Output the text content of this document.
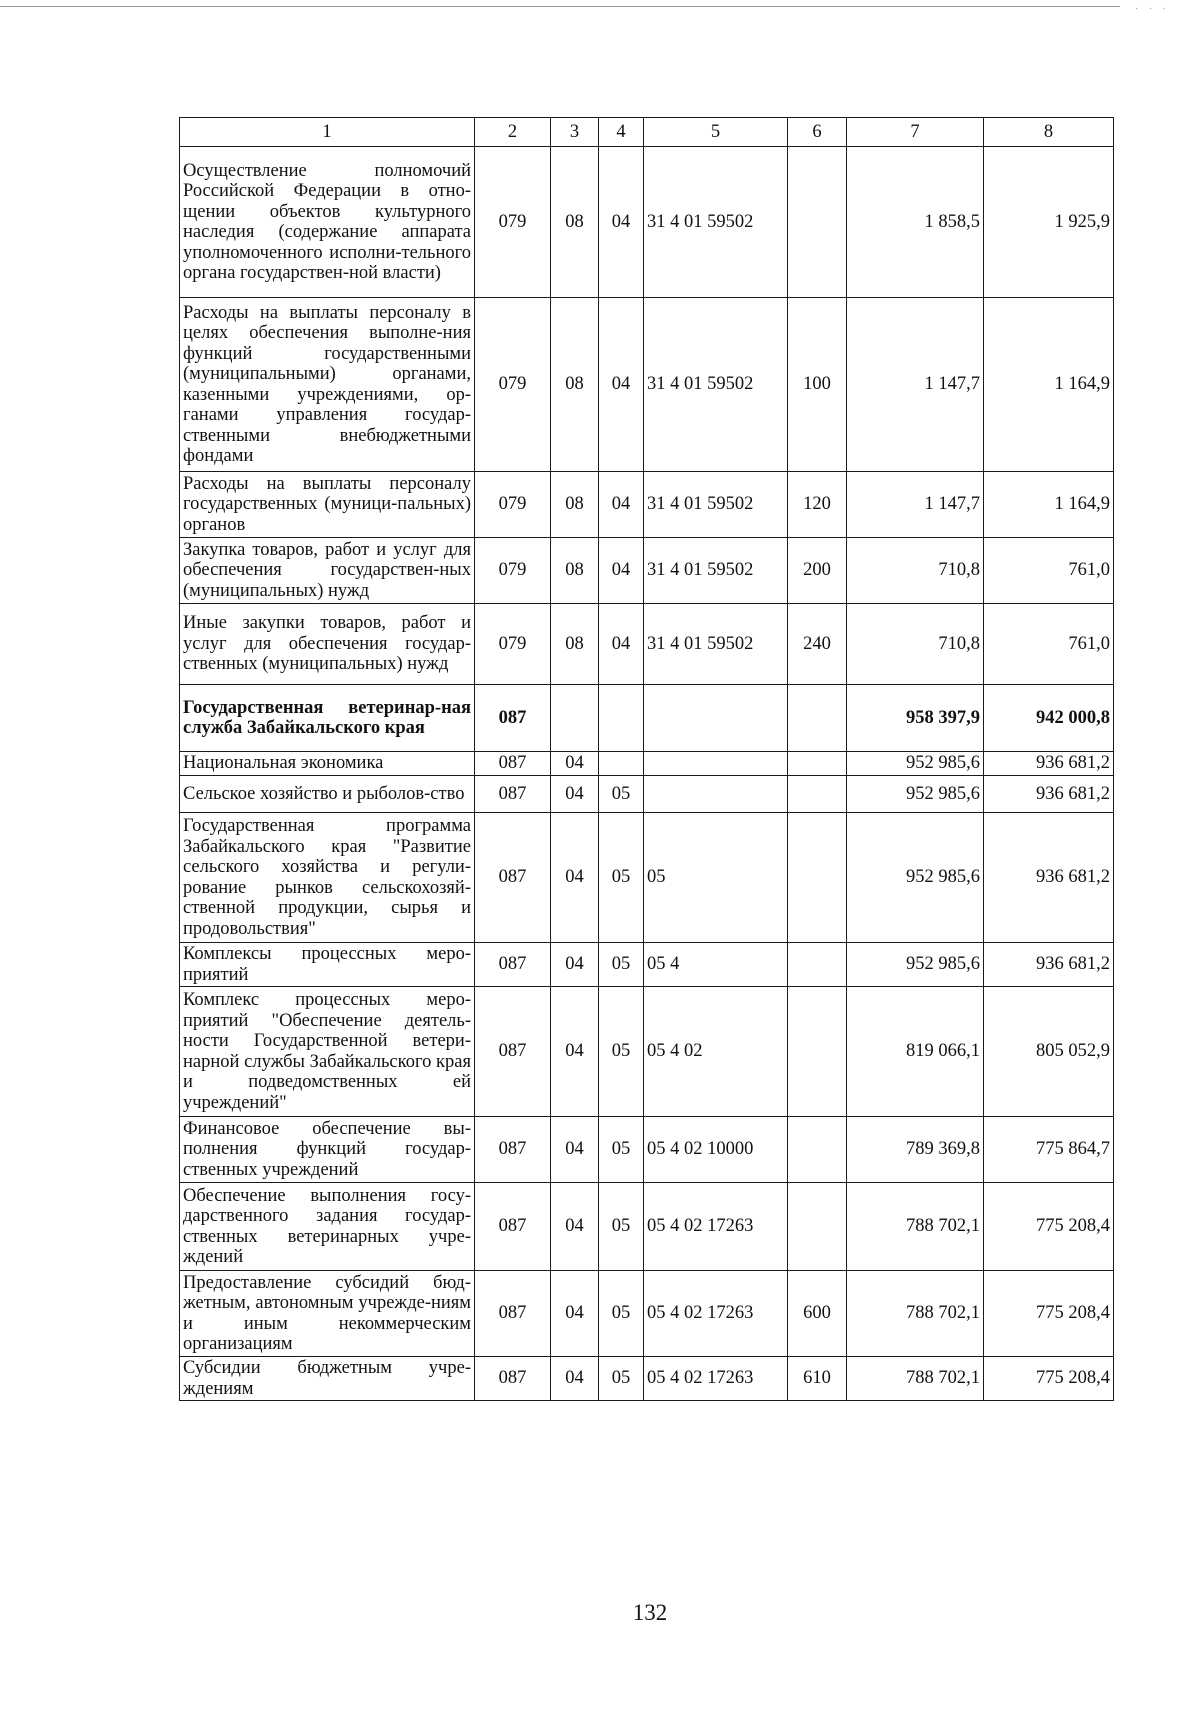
· · ·
1	2	3	4	5	6	7	8
Осуществление полномочий Российской Федерации в отно-щении объектов культурного наследия (содержание аппарата уполномоченного исполни-тельного органа государствен-ной власти)	079	08	04	31 4 01 59502		1 858,5	1 925,9
Расходы на выплаты персоналу в целях обеспечения выполне-ния функций государственными (муниципальными) органами, казенными учреждениями, ор-ганами управления государ-ственными внебюджетными фондами	079	08	04	31 4 01 59502	100	1 147,7	1 164,9
Расходы на выплаты персоналу государственных (муници-пальных) органов	079	08	04	31 4 01 59502	120	1 147,7	1 164,9
Закупка товаров, работ и услуг для обеспечения государствен-ных (муниципальных) нужд	079	08	04	31 4 01 59502	200	710,8	761,0
Иные закупки товаров, работ и услуг для обеспечения государ-ственных (муниципальных) нужд	079	08	04	31 4 01 59502	240	710,8	761,0
Государственная ветеринар-ная служба Забайкальского края	087					958 397,9	942 000,8
Национальная экономика	087	04				952 985,6	936 681,2
Сельское хозяйство и рыболов-ство	087	04	05			952 985,6	936 681,2
Государственная программа Забайкальского края "Развитие сельского хозяйства и регули-рование рынков сельскохозяй-ственной продукции, сырья и продовольствия"	087	04	05	05		952 985,6	936 681,2
Комплексы процессных меро-приятий	087	04	05	05 4		952 985,6	936 681,2
Комплекс процессных меро-приятий "Обеспечение деятель-ности Государственной ветери-нарной службы Забайкальского края и подведомственных ей учреждений"	087	04	05	05 4 02		819 066,1	805 052,9
Финансовое обеспечение вы-полнения функций государ-ственных учреждений	087	04	05	05 4 02 10000		789 369,8	775 864,7
Обеспечение выполнения госу-дарственного задания государ-ственных ветеринарных учре-ждений	087	04	05	05 4 02 17263		788 702,1	775 208,4
Предоставление субсидий бюд-жетным, автономным учрежде-ниям и иным некоммерческим организациям	087	04	05	05 4 02 17263	600	788 702,1	775 208,4
Субсидии бюджетным учре-ждениям	087	04	05	05 4 02 17263	610	788 702,1	775 208,4
132
